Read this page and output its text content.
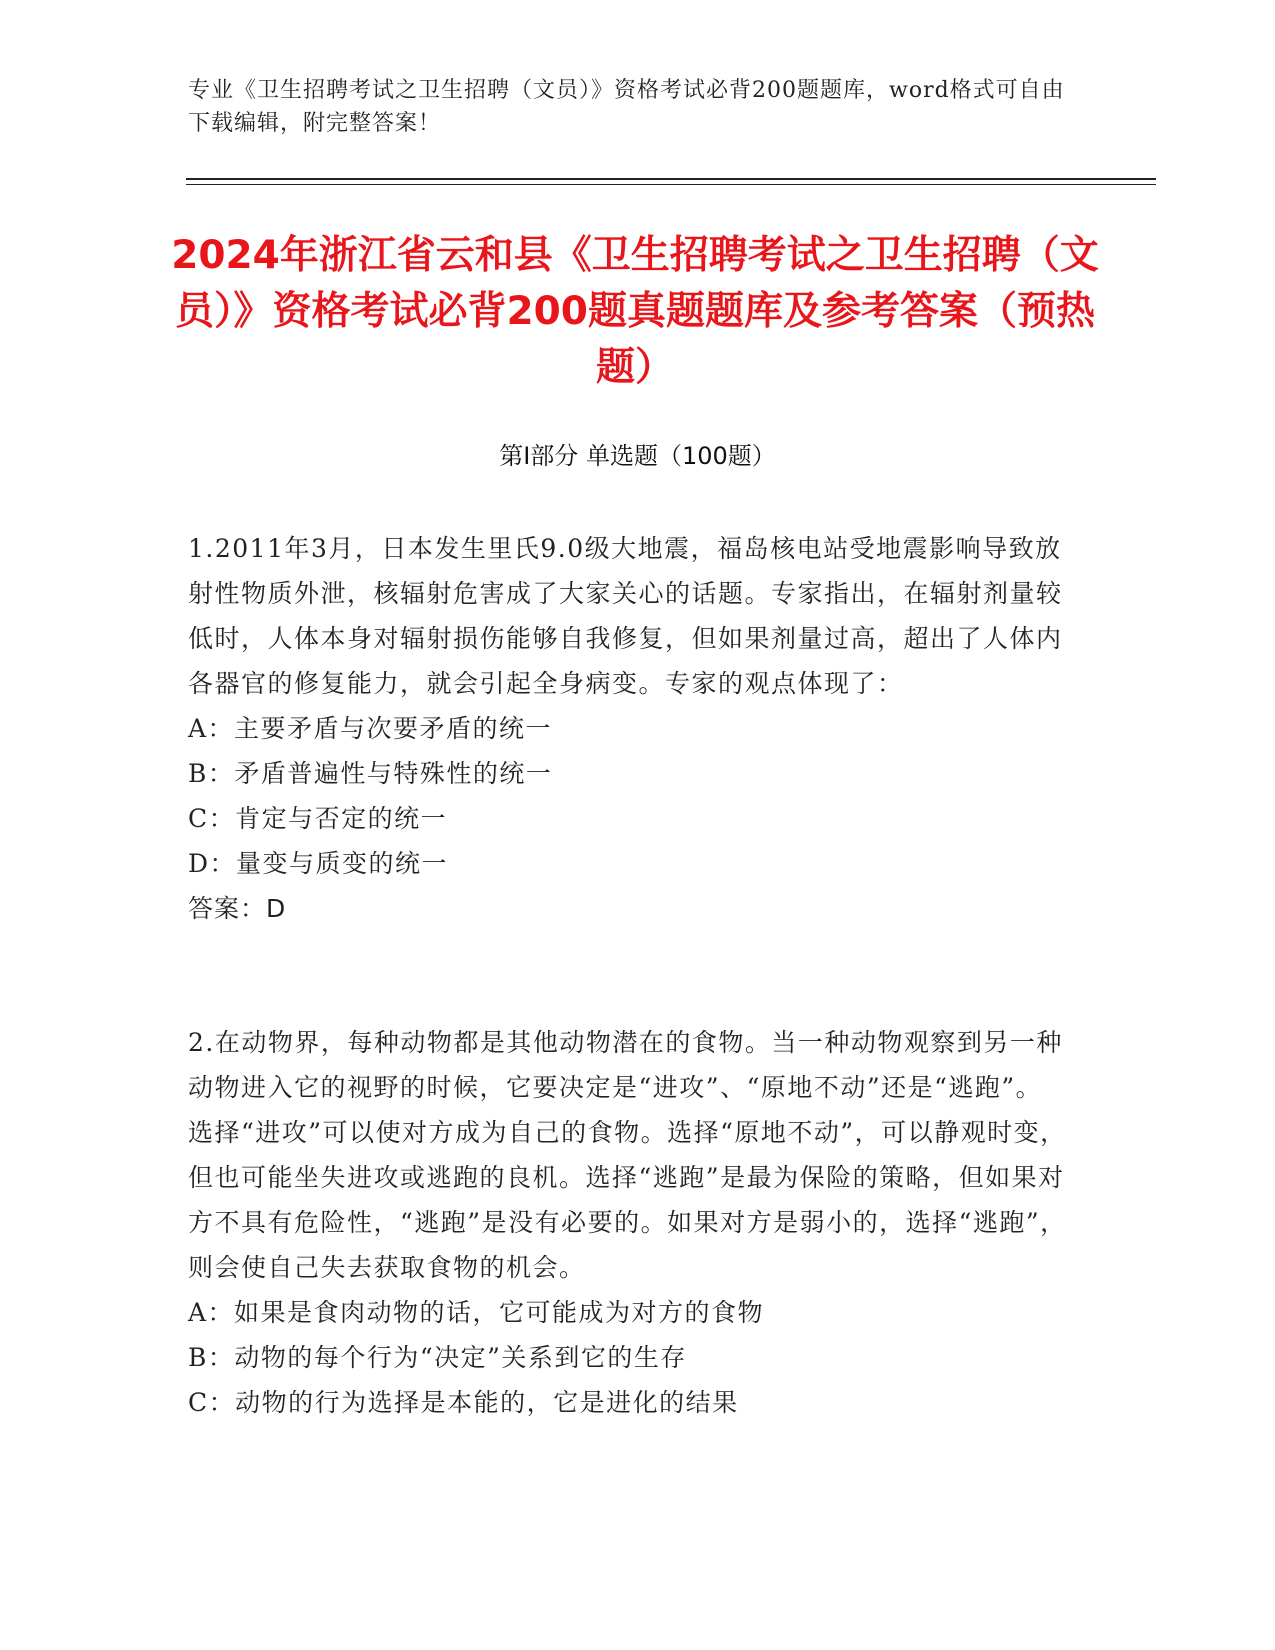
专业《卫生招聘考试之卫生招聘（文员）》资格考试必背200题题库，word格式可自由下载编辑，附完整答案！
2024年浙江省云和县《卫生招聘考试之卫生招聘（文员）》资格考试必背200题真题题库及参考答案（预热题）
第Ⅰ部分 单选题（100题）

1.2011年3月，日本发生里氏9.0级大地震，福岛核电站受地震影响导致放射性物质外泄，核辐射危害成了大家关心的话题。专家指出，在辐射剂量较低时，人体本身对辐射损伤能够自我修复，但如果剂量过高，超出了人体内各器官的修复能力，就会引起全身病变。专家的观点体现了：

A：主要矛盾与次要矛盾的统一

B：矛盾普遍性与特殊性的统一

C：肯定与否定的统一

D：量变与质变的统一

答案：D

2.在动物界，每种动物都是其他动物潜在的食物。当一种动物观察到另一种动物进入它的视野的时候，它要决定是“进攻”、“原地不动”还是“逃跑”。选择“进攻”可以使对方成为自己的食物。选择“原地不动”，可以静观时变，但也可能坐失进攻或逃跑的良机。选择“逃跑”是最为保险的策略，但如果对方不具有危险性，“逃跑”是没有必要的。如果对方是弱小的，选择“逃跑”，则会使自己失去获取食物的机会。

A：如果是食肉动物的话，它可能成为对方的食物

B：动物的每个行为“决定”关系到它的生存

C：动物的行为选择是本能的，它是进化的结果
